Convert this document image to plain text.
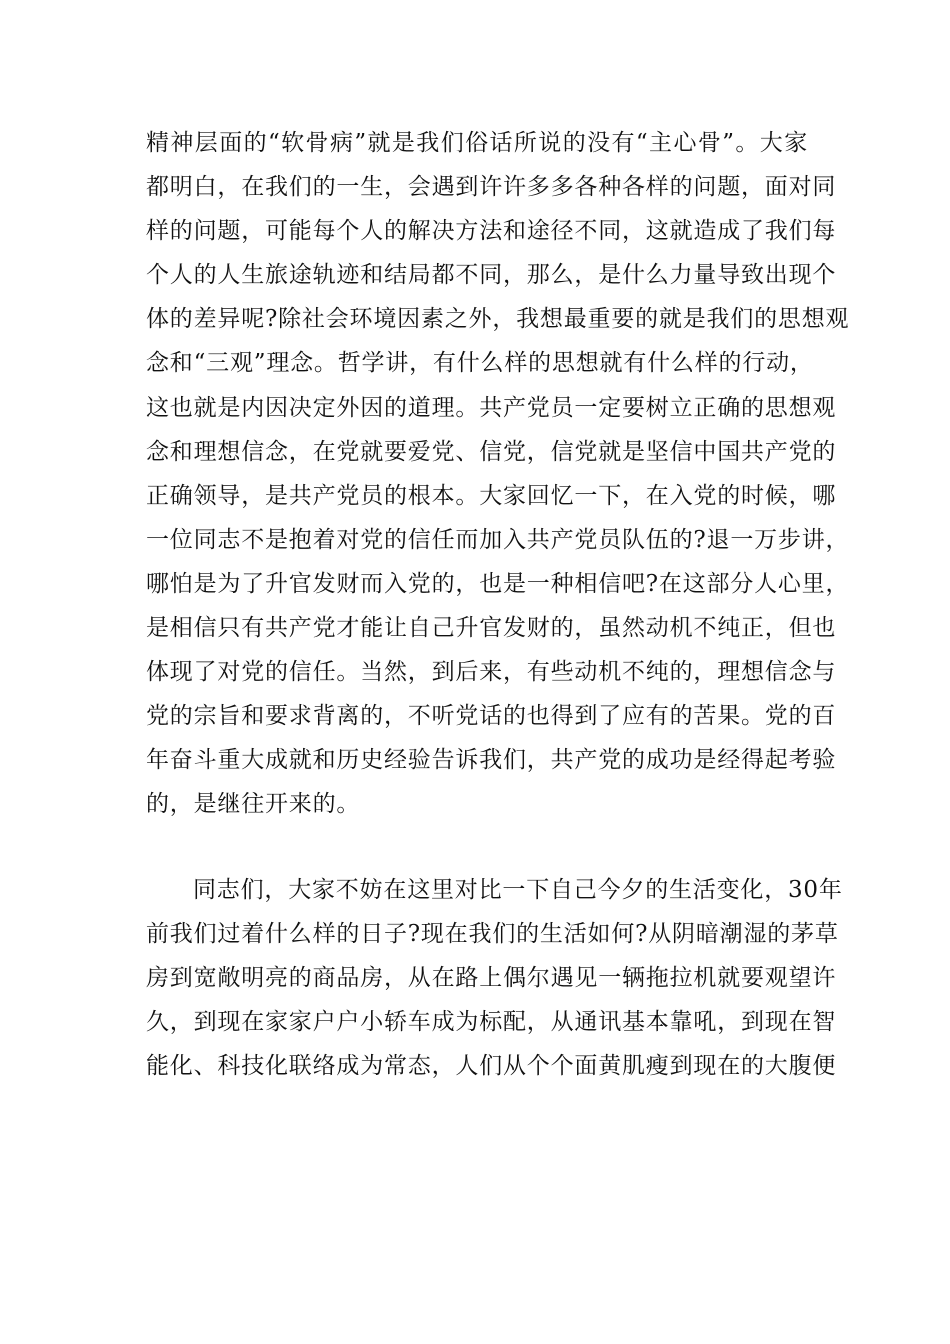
精神层面的“软骨病”就是我们俗话所说的没有“主心骨”。大家
都明白，在我们的一生，会遇到许许多多各种各样的问题，面对同
样的问题，可能每个人的解决方法和途径不同，这就造成了我们每
个人的人生旅途轨迹和结局都不同，那么，是什么力量导致出现个
体的差异呢?除社会环境因素之外，我想最重要的就是我们的思想观
念和“三观”理念。哲学讲，有什么样的思想就有什么样的行动，
这也就是内因决定外因的道理。共产党员一定要树立正确的思想观
念和理想信念，在党就要爱党、信党，信党就是坚信中国共产党的
正确领导，是共产党员的根本。大家回忆一下，在入党的时候，哪
一位同志不是抱着对党的信任而加入共产党员队伍的?退一万步讲，
哪怕是为了升官发财而入党的，也是一种相信吧?在这部分人心里，
是相信只有共产党才能让自己升官发财的，虽然动机不纯正，但也
体现了对党的信任。当然，到后来，有些动机不纯的，理想信念与
党的宗旨和要求背离的，不听党话的也得到了应有的苦果。党的百
年奋斗重大成就和历史经验告诉我们，共产党的成功是经得起考验
的，是继往开来的。
同志们，大家不妨在这里对比一下自己今夕的生活变化，30年
前我们过着什么样的日子?现在我们的生活如何?从阴暗潮湿的茅草
房到宽敞明亮的商品房，从在路上偶尔遇见一辆拖拉机就要观望许
久，到现在家家户户小轿车成为标配，从通讯基本靠吼，到现在智
能化、科技化联络成为常态，人们从个个面黄肌瘦到现在的大腹便
